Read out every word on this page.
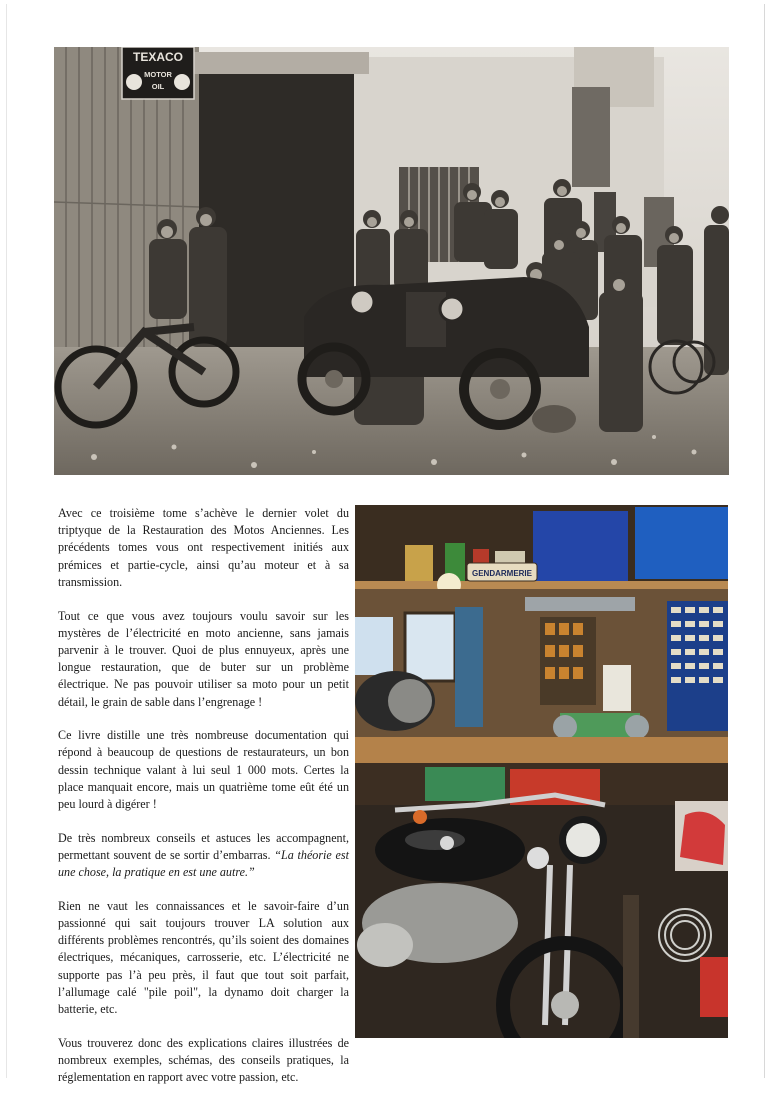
TEXACO
MOTOR
OIL

Avec ce troisième tome s’achève le dernier volet du triptyque de la Restauration des Motos Anciennes. Les précédents tomes vous ont respectivement initiés aux prémices et partie-cycle, ainsi qu’au moteur et à sa transmission.

Tout ce que vous avez toujours voulu savoir sur les mystères de l’électricité en moto ancienne, sans jamais parvenir à le trouver. Quoi de plus ennuyeux, après une longue restauration, que de buter sur un problème électrique. Ne pas pouvoir utiliser sa moto pour un petit détail, le grain de sable dans l’engrenage !

Ce livre distille une très nombreuse documentation qui répond à beaucoup de questions de restaurateurs, un bon dessin technique valant à lui seul 1 000 mots. Certes la place manquait encore, mais un quatrième tome eût été un peu lourd à digérer !

De très nombreux conseils et astuces les accompagnent, permettant souvent de se sortir d’embarras. “La théorie est une chose, la pratique en est une autre.”

Rien ne vaut les connaissances et le savoir-faire d’un passionné qui sait toujours trouver LA solution aux différents problèmes rencontrés, qu’ils soient des domaines électriques, mécaniques, carrosserie, etc. L’électricité ne supporte pas l’à peu près, il faut que tout soit parfait, l’allumage calé "pile poil", la dynamo doit charger la batterie, etc.

Vous trouverez donc des explications claires illustrées de nombreux exemples, schémas, des conseils pratiques, la réglementation en rapport avec votre passion, etc.

GENDARMERIE
